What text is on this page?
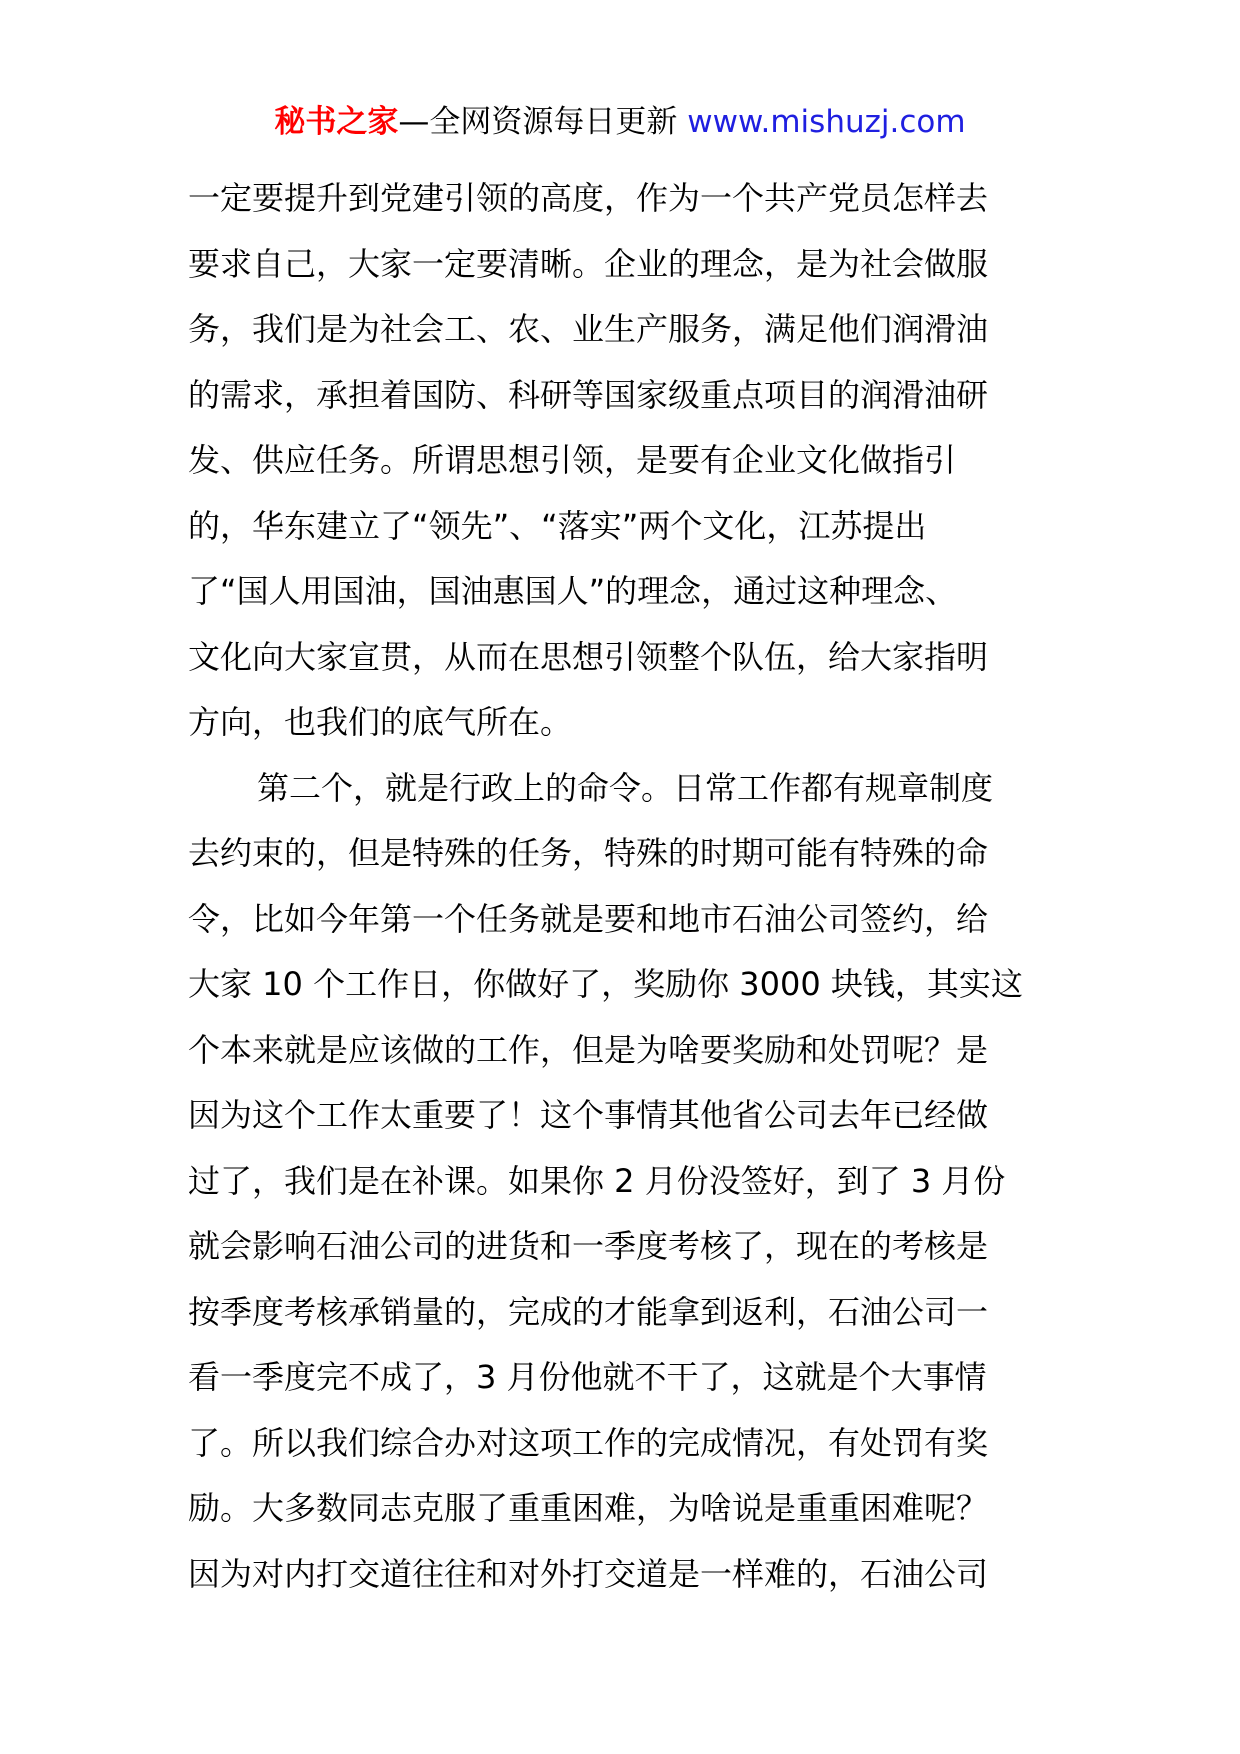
秘书之家—全网资源每日更新 www.mishuzj.com
一定要提升到党建引领的高度，作为一个共产党员怎样去
要求自己，大家一定要清晰。企业的理念，是为社会做服
务，我们是为社会工、农、业生产服务，满足他们润滑油
的需求，承担着国防、科研等国家级重点项目的润滑油研
发、供应任务。所谓思想引领，是要有企业文化做指引
的，华东建立了“领先”、“落实”两个文化，江苏提出
了“国人用国油，国油惠国人”的理念，通过这种理念、
文化向大家宣贯，从而在思想引领整个队伍，给大家指明
方向，也我们的底气所在。
第二个，就是行政上的命令。日常工作都有规章制度
去约束的，但是特殊的任务，特殊的时期可能有特殊的命
令，比如今年第一个任务就是要和地市石油公司签约，给
大家 10 个工作日，你做好了，奖励你 3000 块钱，其实这
个本来就是应该做的工作，但是为啥要奖励和处罚呢？是
因为这个工作太重要了！这个事情其他省公司去年已经做
过了，我们是在补课。如果你 2 月份没签好，到了 3 月份
就会影响石油公司的进货和一季度考核了，现在的考核是
按季度考核承销量的，完成的才能拿到返利，石油公司一
看一季度完不成了，3 月份他就不干了，这就是个大事情
了。所以我们综合办对这项工作的完成情况，有处罚有奖
励。大多数同志克服了重重困难，为啥说是重重困难呢？
因为对内打交道往往和对外打交道是一样难的，石油公司
